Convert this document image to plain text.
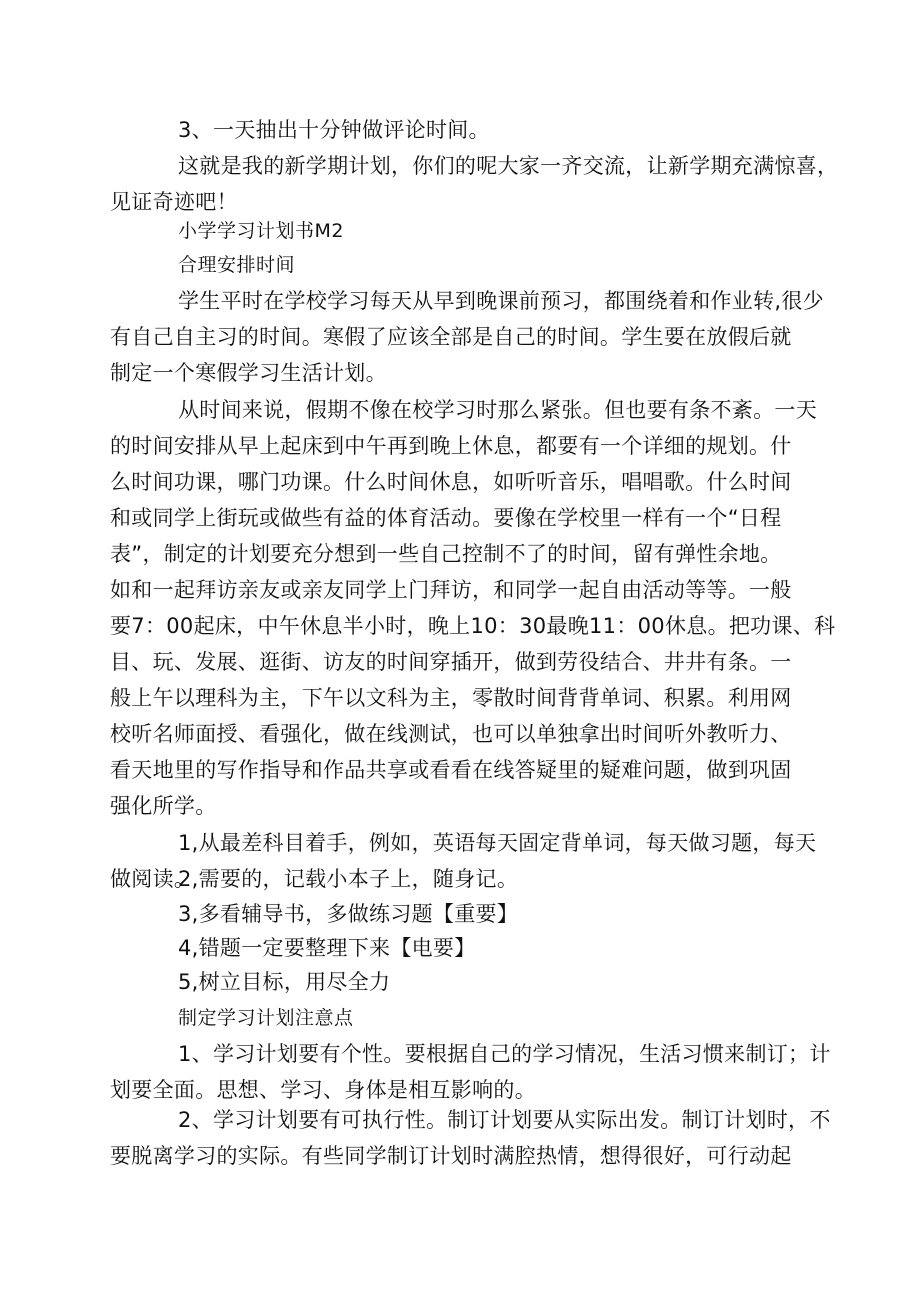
3、一天抽出十分钟做评论时间。
这就是我的新学期计划，你们的呢大家一齐交流，让新学期充满惊喜，
见证奇迹吧！
小学学习计划书M2
合理安排时间
学生平时在学校学习每天从早到晚课前预习，都围绕着和作业转,很少
有自己自主习的时间。寒假了应该全部是自己的时间。学生要在放假后就
制定一个寒假学习生活计划。
从时间来说，假期不像在校学习时那么紧张。但也要有条不紊。一天
的时间安排从早上起床到中午再到晚上休息，都要有一个详细的规划。什
么时间功课，哪门功课。什么时间休息，如听听音乐，唱唱歌。什么时间
和或同学上街玩或做些有益的体育活动。要像在学校里一样有一个“日程
表”，制定的计划要充分想到一些自己控制不了的时间，留有弹性余地。
如和一起拜访亲友或亲友同学上门拜访，和同学一起自由活动等等。一般
要7：00起床，中午休息半小时，晚上10：30最晚11：00休息。把功课、科
目、玩、发展、逛街、访友的时间穿插开，做到劳役结合、井井有条。一
般上午以理科为主，下午以文科为主，零散时间背背单词、积累。利用网
校听名师面授、看强化，做在线测试，也可以单独拿出时间听外教听力、
看天地里的写作指导和作品共享或看看在线答疑里的疑难问题，做到巩固
强化所学。
1,从最差科目着手，例如，英语每天固定背单词，每天做习题，每天
做阅读。
2,需要的，记载小本子上，随身记。
3,多看辅导书，多做练习题【重要】
4,错题一定要整理下来【电要】
5,树立目标，用尽全力
制定学习计划注意点
1、学习计划要有个性。要根据自己的学习情况，生活习惯来制订；计
划要全面。思想、学习、身体是相互影响的。
2、学习计划要有可执行性。制订计划要从实际出发。制订计划时，不
要脱离学习的实际。有些同学制订计划时满腔热情，想得很好，可行动起
